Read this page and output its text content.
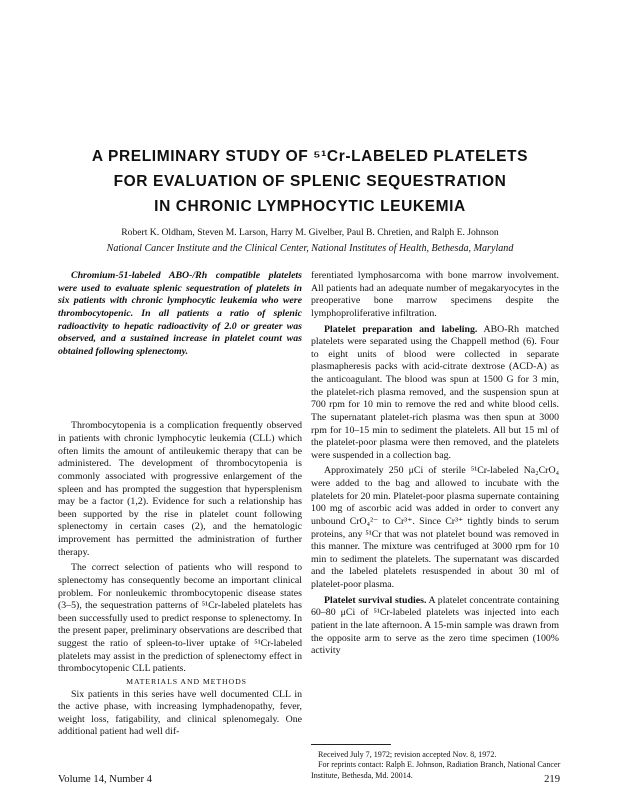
A PRELIMINARY STUDY OF ⁵¹Cr-LABELED PLATELETS
FOR EVALUATION OF SPLENIC SEQUESTRATION
IN CHRONIC LYMPHOCYTIC LEUKEMIA
Robert K. Oldham, Steven M. Larson, Harry M. Givelber, Paul B. Chretien, and Ralph E. Johnson
National Cancer Institute and the Clinical Center, National Institutes of Health, Bethesda, Maryland

Chromium-51-labeled ABO-/Rh compatible platelets were used to evaluate splenic sequestration of platelets in six patients with chronic lymphocytic leukemia who were thrombocytopenic. In all patients a ratio of splenic radioactivity to hepatic radioactivity of 2.0 or greater was observed, and a sustained increase in platelet count was obtained following splenectomy.

Thrombocytopenia is a complication frequently observed in patients with chronic lymphocytic leukemia (CLL) which often limits the amount of antileukemic therapy that can be administered. The development of thrombocytopenia is commonly associated with progressive enlargement of the spleen and has prompted the suggestion that hypersplenism may be a factor (1,2). Evidence for such a relationship has been supported by the rise in platelet count following splenectomy in certain cases (2), and the hematologic improvement has permitted the administration of further therapy.

The correct selection of patients who will respond to splenectomy has consequently become an important clinical problem. For nonleukemic thrombocytopenic disease states (3–5), the sequestration patterns of ⁵¹Cr-labeled platelets has been successfully used to predict response to splenectomy. In the present paper, preliminary observations are described that suggest the ratio of spleen-to-liver uptake of ⁵¹Cr-labeled platelets may assist in the prediction of splenectomy effect in thrombocytopenic CLL patients.

MATERIALS AND METHODS

Six patients in this series have well documented CLL in the active phase, with increasing lymphadenopathy, fever, weight loss, fatigability, and clinical splenomegaly. One additional patient had well dif-

ferentiated lymphosarcoma with bone marrow involvement. All patients had an adequate number of megakaryocytes in the preoperative bone marrow specimens despite the lymphoproliferative infiltration.

Platelet preparation and labeling. ABO-Rh matched platelets were separated using the Chappell method (6). Four to eight units of blood were collected in separate plasmapheresis packs with acid-citrate dextrose (ACD-A) as the anticoagulant. The blood was spun at 1500 G for 3 min, the platelet-rich plasma removed, and the suspension spun at 700 rpm for 10 min to remove the red and white blood cells. The supernatant platelet-rich plasma was then spun at 3000 rpm for 10–15 min to sediment the platelets. All but 15 ml of the platelet-poor plasma were then removed, and the platelets were suspended in a collection bag.

Approximately 250 μCi of sterile ⁵¹Cr-labeled Na₂CrO₄ were added to the bag and allowed to incubate with the platelets for 20 min. Platelet-poor plasma supernate containing 100 mg of ascorbic acid was added in order to convert any unbound CrO₄²⁻ to Cr³⁺. Since Cr³⁺ tightly binds to serum proteins, any ⁵¹Cr that was not platelet bound was removed in this manner. The mixture was centrifuged at 3000 rpm for 10 min to sediment the platelets. The supernatant was discarded and the labeled platelets resuspended in about 30 ml of platelet-poor plasma.

Platelet survival studies. A platelet concentrate containing 60–80 μCi of ⁵¹Cr-labeled platelets was injected into each patient in the late afternoon. A 15-min sample was drawn from the opposite arm to serve as the zero time specimen (100% activity

Received July 7, 1972; revision accepted Nov. 8, 1972.
For reprints contact: Ralph E. Johnson, Radiation Branch, National Cancer Institute, Bethesda, Md. 20014.
Volume 14, Number 4	219
